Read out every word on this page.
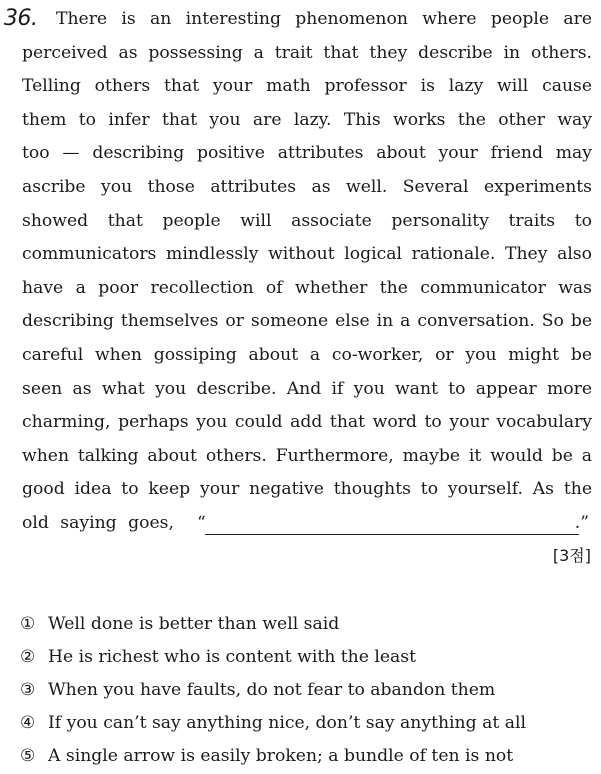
36.	There is an interesting phenomenon where people are
perceived as possessing a trait that they describe in others.
Telling others that your math professor is lazy will cause
them to infer that you are lazy. This works the other way
too — describing positive attributes about your friend may
ascribe you those attributes as well. Several experiments
showed that people will associate personality traits to
communicators mindlessly without logical rationale. They also
have a poor recollection of whether the communicator was
describing themselves or someone else in a conversation. So be
careful when gossiping about a co-worker, or you might be
seen as what you describe. And if you want to appear more
charming, perhaps you could add that word to your vocabulary
when talking about others. Furthermore, maybe it would be a
good idea to keep your negative thoughts to yourself. As the
old saying goes, “	.”
[3점]
① Well done is better than well said
② He is richest who is content with the least
③ When you have faults, do not fear to abandon them
④ If you can’t say anything nice, don’t say anything at all
⑤ A single arrow is easily broken; a bundle of ten is not
